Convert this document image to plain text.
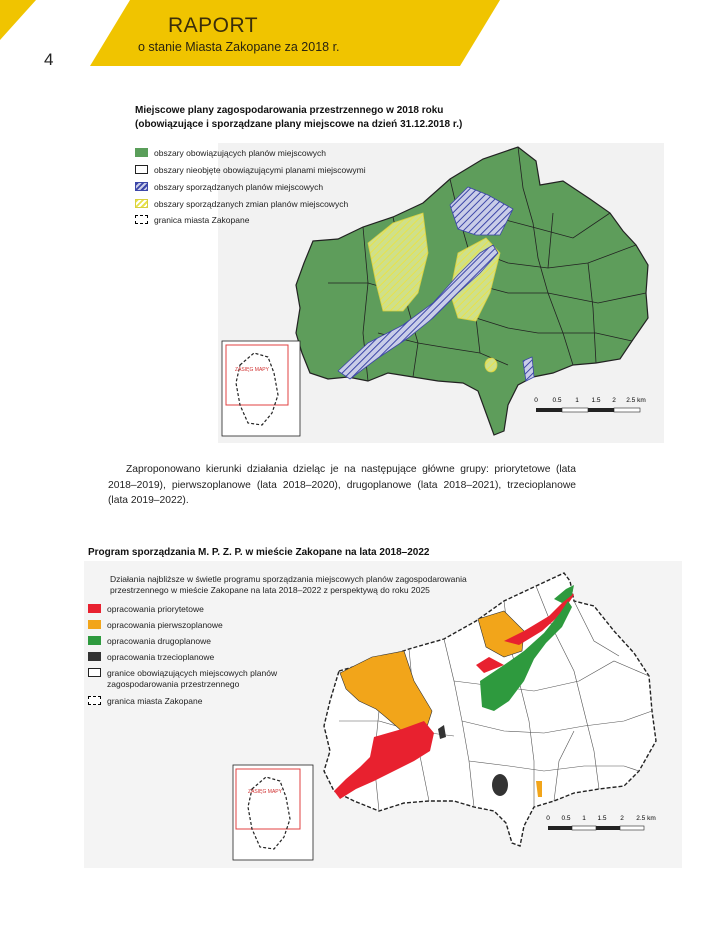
RAPORT
o stanie Miasta Zakopane za 2018 r.
4
Miejscowe plany zagospodarowania przestrzennego w 2018 roku
(obowiązujące i sporządzane plany miejscowe na dzień 31.12.2018 r.)
0 0.5 1 1.5 2 2.5 km
ZASIĘG MAPY
obszary obowiązujących planów miejscowych
obszary nieobjęte obowiązującymi planami miejscowymi
obszary sporządzanych planów miejscowych
obszary sporządzanych zmian planów miejscowych
granica miasta Zakopane

Zaproponowano kierunki działania dzieląc je na następujące główne grupy: priorytetowe (lata 2018–2019), pierwszoplanowe (lata 2018–2020), drugoplanowe (lata 2018–2021), trzecioplanowe (lata 2019–2022).

Program sporządzania M. P. Z. P. w mieście Zakopane na lata 2018–2022
Działania najbliższe w świetle programu sporządzania miejscowych planów zagospodarowania przestrzennego w mieście Zakopane na lata 2018–2022 z perspektywą do roku 2025
0 0.5 1 1.5 2 2.5 km
ZASIĘG MAPY
opracowania priorytetowe
opracowania pierwszoplanowe
opracowania drugoplanowe
opracowania trzecioplanowe
granice obowiązujących miejscowych planów
zagospodarowania przestrzennego
granica miasta Zakopane
